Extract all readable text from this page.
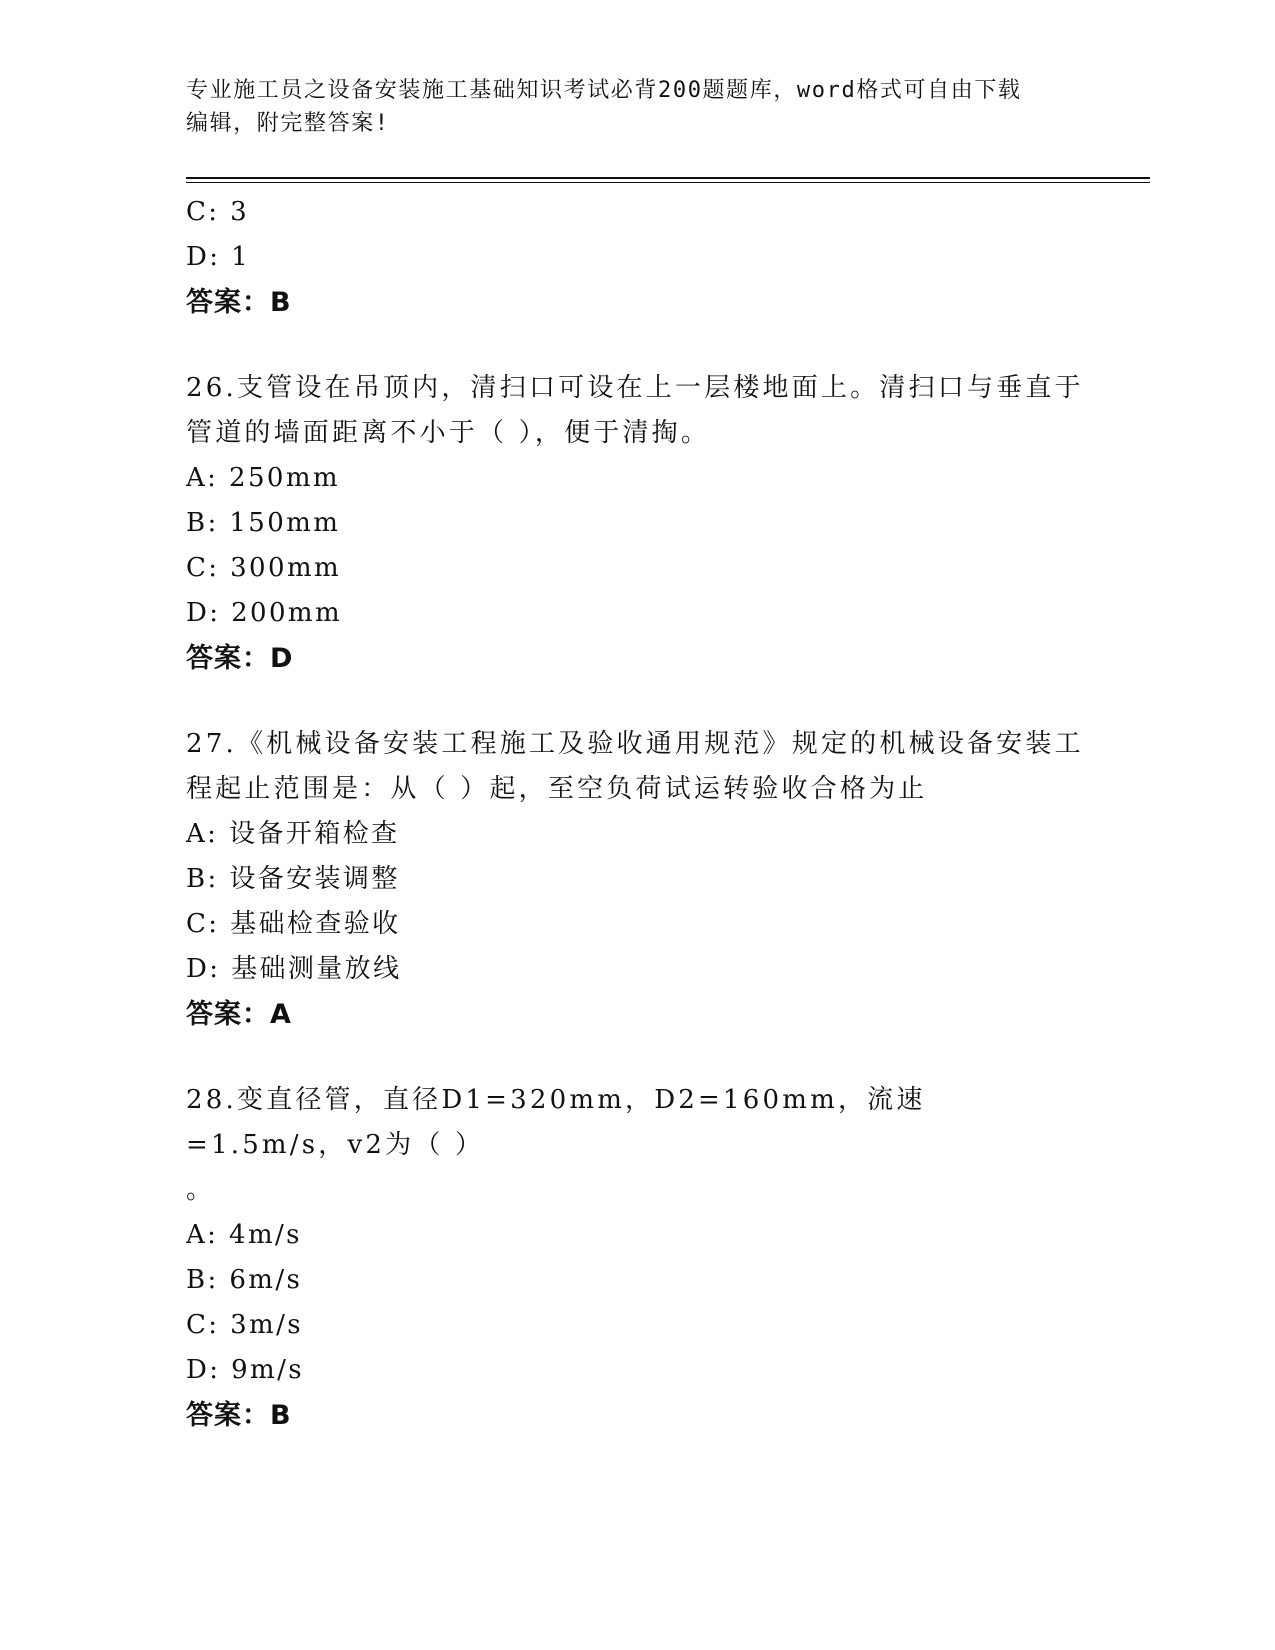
专业施工员之设备安装施工基础知识考试必背200题题库，word格式可自由下载
编辑，附完整答案!
C: 3
D: 1
答案：B
26.支管设在吊顶内，清扫口可设在上一层楼地面上。清扫口与垂直于
管道的墙面距离不小于（ ），便于清掏。
A: 250mm
B: 150mm
C: 300mm
D: 200mm
答案：D
27.《机械设备安装工程施工及验收通用规范》规定的机械设备安装工
程起止范围是：从（ ）起，至空负荷试运转验收合格为止
A: 设备开箱检查
B: 设备安装调整
C: 基础检查验收
D: 基础测量放线
答案：A
28.变直径管，直径D1=320mm，D2=160mm，流速=1.5m/s，v2为（ ）
。
A: 4m/s
B: 6m/s
C: 3m/s
D: 9m/s
答案：B
